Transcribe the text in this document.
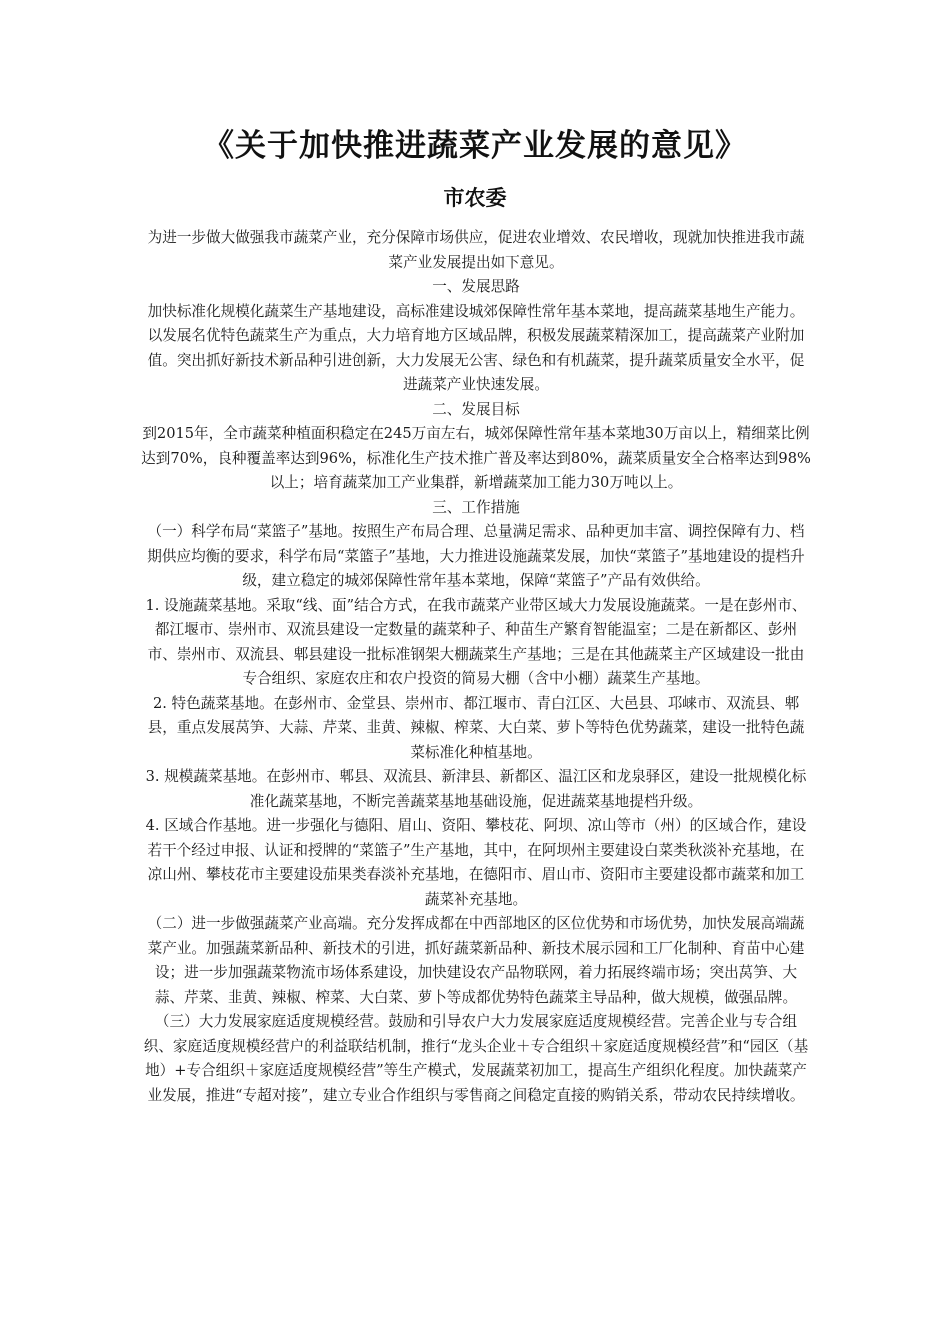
《关于加快推进蔬菜产业发展的意见》
市农委

为进一步做大做强我市蔬菜产业，充分保障市场供应，促进农业增效、农民增收，现就加快推进我市蔬菜产业发展提出如下意见。

一、发展思路

加快标准化规模化蔬菜生产基地建设，高标准建设城郊保障性常年基本菜地，提高蔬菜基地生产能力。以发展名优特色蔬菜生产为重点，大力培育地方区域品牌，积极发展蔬菜精深加工，提高蔬菜产业附加值。突出抓好新技术新品种引进创新，大力发展无公害、绿色和有机蔬菜，提升蔬菜质量安全水平，促进蔬菜产业快速发展。

二、发展目标

到2015年，全市蔬菜种植面积稳定在245万亩左右，城郊保障性常年基本菜地30万亩以上，精细菜比例达到70%，良种覆盖率达到96%，标准化生产技术推广普及率达到80%，蔬菜质量安全合格率达到98%以上；培育蔬菜加工产业集群，新增蔬菜加工能力30万吨以上。

三、工作措施

（一）科学布局“菜篮子”基地。按照生产布局合理、总量满足需求、品种更加丰富、调控保障有力、档期供应均衡的要求，科学布局“菜篮子”基地，大力推进设施蔬菜发展，加快“菜篮子”基地建设的提档升级，建立稳定的城郊保障性常年基本菜地，保障“菜篮子”产品有效供给。

1. 设施蔬菜基地。采取“线、面”结合方式，在我市蔬菜产业带区域大力发展设施蔬菜。一是在彭州市、都江堰市、崇州市、双流县建设一定数量的蔬菜种子、种苗生产繁育智能温室；二是在新都区、彭州市、崇州市、双流县、郫县建设一批标准钢架大棚蔬菜生产基地；三是在其他蔬菜主产区域建设一批由专合组织、家庭农庄和农户投资的简易大棚（含中小棚）蔬菜生产基地。

2. 特色蔬菜基地。在彭州市、金堂县、崇州市、都江堰市、青白江区、大邑县、邛崃市、双流县、郫县，重点发展莴笋、大蒜、芹菜、韭黄、辣椒、榨菜、大白菜、萝卜等特色优势蔬菜，建设一批特色蔬菜标准化种植基地。

3. 规模蔬菜基地。在彭州市、郫县、双流县、新津县、新都区、温江区和龙泉驿区，建设一批规模化标准化蔬菜基地，不断完善蔬菜基地基础设施，促进蔬菜基地提档升级。

4. 区域合作基地。进一步强化与德阳、眉山、资阳、攀枝花、阿坝、凉山等市（州）的区域合作，建设若干个经过申报、认证和授牌的“菜篮子”生产基地，其中，在阿坝州主要建设白菜类秋淡补充基地，在凉山州、攀枝花市主要建设茄果类春淡补充基地，在德阳市、眉山市、资阳市主要建设都市蔬菜和加工蔬菜补充基地。

（二）进一步做强蔬菜产业高端。充分发挥成都在中西部地区的区位优势和市场优势，加快发展高端蔬菜产业。加强蔬菜新品种、新技术的引进，抓好蔬菜新品种、新技术展示园和工厂化制种、育苗中心建设；进一步加强蔬菜物流市场体系建设，加快建设农产品物联网，着力拓展终端市场；突出莴笋、大蒜、芹菜、韭黄、辣椒、榨菜、大白菜、萝卜等成都优势特色蔬菜主导品种，做大规模，做强品牌。

（三）大力发展家庭适度规模经营。鼓励和引导农户大力发展家庭适度规模经营。完善企业与专合组织、家庭适度规模经营户的利益联结机制，推行“龙头企业＋专合组织＋家庭适度规模经营”和“园区（基地）+专合组织＋家庭适度规模经营”等生产模式，发展蔬菜初加工，提高生产组织化程度。加快蔬菜产业发展，推进“专超对接”，建立专业合作组织与零售商之间稳定直接的购销关系，带动农民持续增收。
